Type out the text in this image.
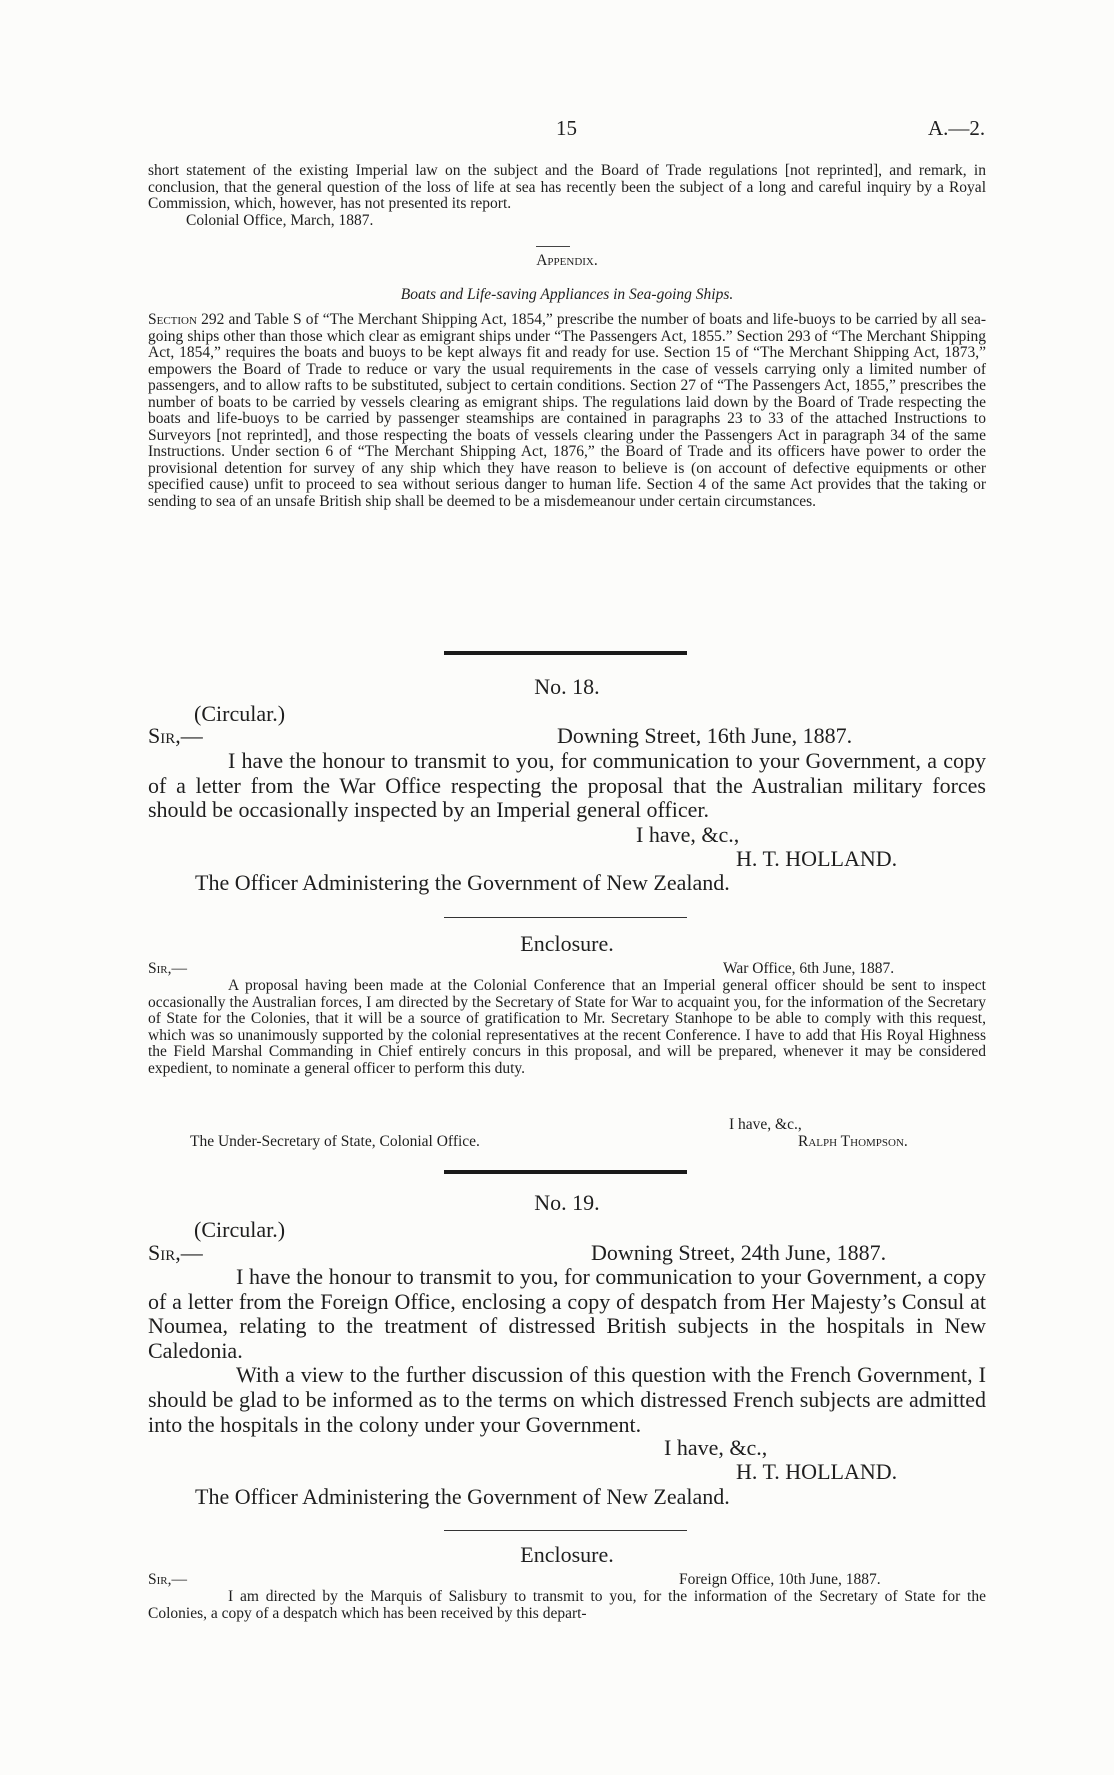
15	A.—2.

short statement of the existing Imperial law on the subject and the Board of Trade regulations [not reprinted], and remark, in conclusion, that the general question of the loss of life at sea has recently been the subject of a long and careful inquiry by a Royal Commission, which, however, has not presented its report.

Colonial Office, March, 1887.

Appendix.
Boats and Life-saving Appliances in Sea-going Ships.

Section 292 and Table S of “The Merchant Shipping Act, 1854,” prescribe the number of boats and life-buoys to be carried by all sea-going ships other than those which clear as emigrant ships under “The Passengers Act, 1855.” Section 293 of “The Merchant Shipping Act, 1854,” requires the boats and buoys to be kept always fit and ready for use. Section 15 of “The Merchant Shipping Act, 1873,” empowers the Board of Trade to reduce or vary the usual requirements in the case of vessels carrying only a limited number of passengers, and to allow rafts to be substituted, subject to certain conditions. Section 27 of “The Passengers Act, 1855,” prescribes the number of boats to be carried by vessels clearing as emigrant ships. The regulations laid down by the Board of Trade respecting the boats and life-buoys to be carried by passenger steamships are contained in paragraphs 23 to 33 of the attached Instructions to Surveyors [not reprinted], and those respecting the boats of vessels clearing under the Passengers Act in paragraph 34 of the same Instructions. Under section 6 of “The Merchant Shipping Act, 1876,” the Board of Trade and its officers have power to order the provisional detention for survey of any ship which they have reason to believe is (on account of defective equipments or other specified cause) unfit to proceed to sea without serious danger to human life. Section 4 of the same Act provides that the taking or sending to sea of an unsafe British ship shall be deemed to be a misdemeanour under certain circumstances.

No. 18.
(Circular.)
Sir,—	Downing Street, 16th June, 1887.

I have the honour to transmit to you, for communication to your Government, a copy of a letter from the War Office respecting the proposal that the Australian military forces should be occasionally inspected by an Imperial general officer.

I have, &c.,
H. T. HOLLAND.
The Officer Administering the Government of New Zealand.
Enclosure.
Sir,—	War Office, 6th June, 1887.

A proposal having been made at the Colonial Conference that an Imperial general officer should be sent to inspect occasionally the Australian forces, I am directed by the Secretary of State for War to acquaint you, for the information of the Secretary of State for the Colonies, that it will be a source of gratification to Mr. Secretary Stanhope to be able to comply with this request, which was so unanimously supported by the colonial representatives at the recent Conference. I have to add that His Royal Highness the Field Marshal Commanding in Chief entirely concurs in this proposal, and will be prepared, whenever it may be considered expedient, to nominate a general officer to perform this duty.

I have, &c.,
The Under-Secretary of State, Colonial Office.	Ralph Thompson.
No. 19.
(Circular.)
Sir,—	Downing Street, 24th June, 1887.

I have the honour to transmit to you, for communication to your Government, a copy of a letter from the Foreign Office, enclosing a copy of despatch from Her Majesty’s Consul at Noumea, relating to the treatment of distressed British subjects in the hospitals in New Caledonia.

With a view to the further discussion of this question with the French Government, I should be glad to be informed as to the terms on which distressed French subjects are admitted into the hospitals in the colony under your Government.

I have, &c.,
H. T. HOLLAND.
The Officer Administering the Government of New Zealand.
Enclosure.
Sir,—	Foreign Office, 10th June, 1887.

I am directed by the Marquis of Salisbury to transmit to you, for the information of the Secretary of State for the Colonies, a copy of a despatch which has been received by this depart-
